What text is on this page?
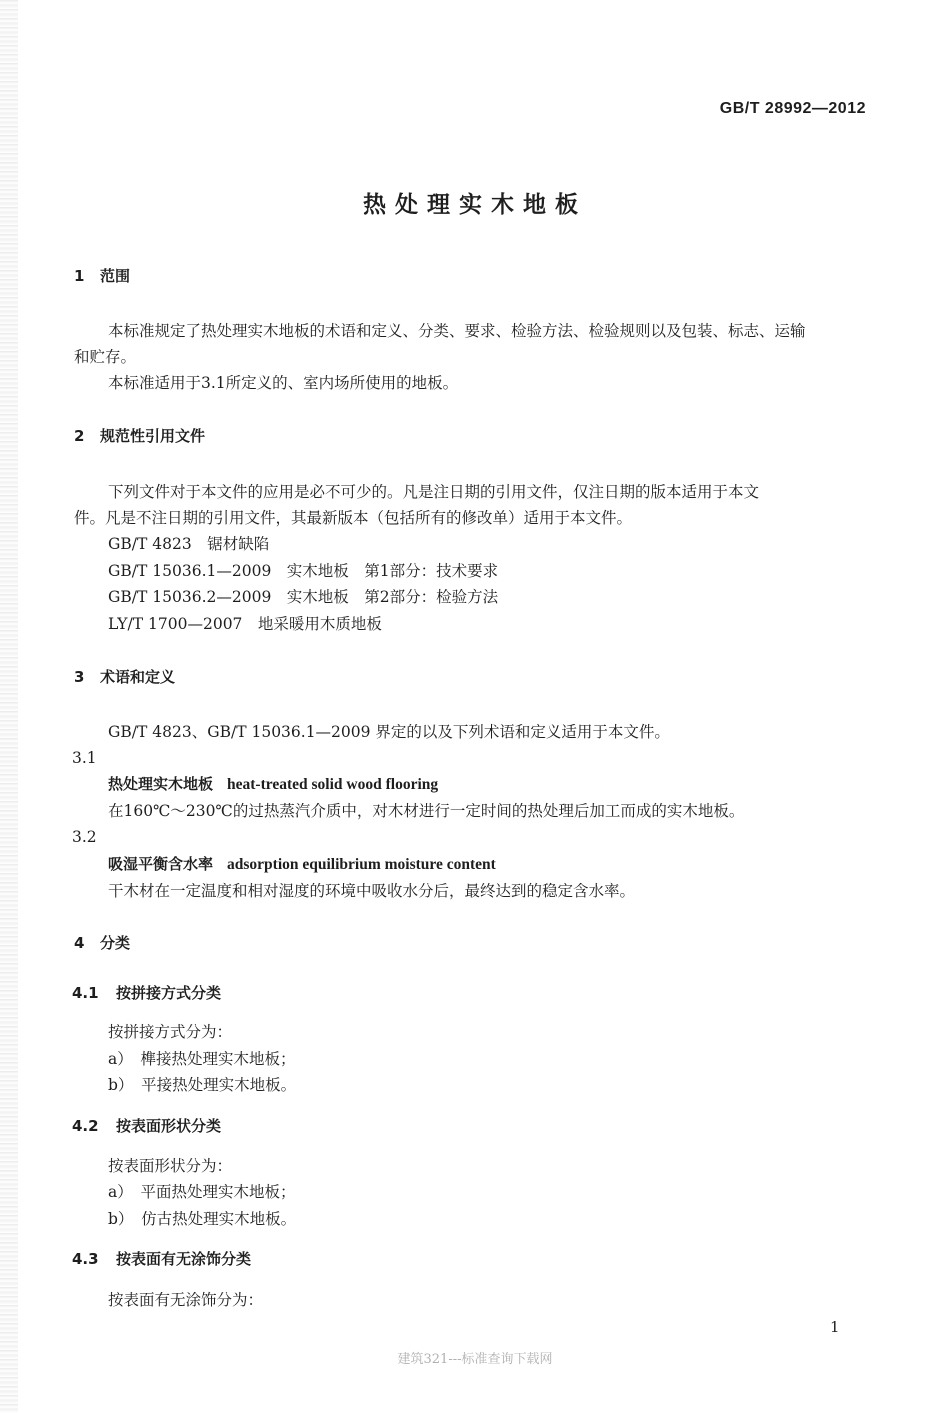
GB/T 28992—2012
热处理实木地板
1 范围
本标准规定了热处理实木地板的术语和定义、分类、要求、检验方法、检验规则以及包装、标志、运输
和贮存。
本标准适用于3.1所定义的、室内场所使用的地板。
2 规范性引用文件
下列文件对于本文件的应用是必不可少的。凡是注日期的引用文件，仅注日期的版本适用于本文
件。凡是不注日期的引用文件，其最新版本（包括所有的修改单）适用于本文件。
GB/T 4823　锯材缺陷
GB/T 15036.1—2009　实木地板　第1部分：技术要求
GB/T 15036.2—2009　实木地板　第2部分：检验方法
LY/T 1700—2007　地采暖用木质地板
3 术语和定义
GB/T 4823、GB/T 15036.1—2009 界定的以及下列术语和定义适用于本文件。
3.1
热处理实木地板 heat-treated solid wood flooring
在160℃～230℃的过热蒸汽介质中，对木材进行一定时间的热处理后加工而成的实木地板。
3.2
吸湿平衡含水率 adsorption equilibrium moisture content
干木材在一定温度和相对湿度的环境中吸收水分后，最终达到的稳定含水率。
4 分类
4.1 按拼接方式分类
按拼接方式分为：
a）　榫接热处理实木地板；
b）　平接热处理实木地板。
4.2 按表面形状分类
按表面形状分为：
a）　平面热处理实木地板；
b）　仿古热处理实木地板。
4.3 按表面有无涂饰分类
按表面有无涂饰分为：
1
建筑321---标准查询下载网
